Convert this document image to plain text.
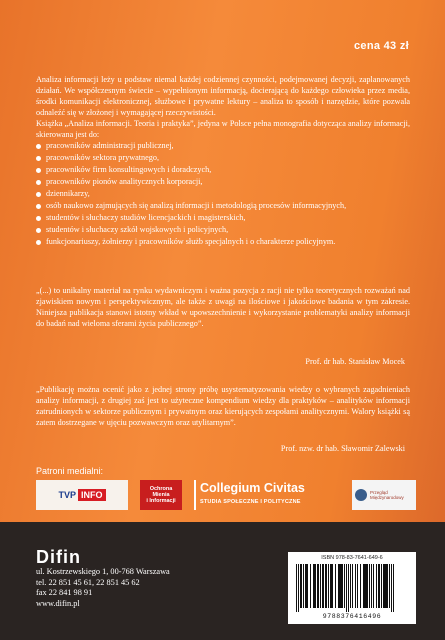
cena 43 zł

Analiza informacji leży u podstaw niemal każdej codziennej czynności, podejmowanej decyzji, zaplanowanych działań. We współczesnym świecie – wypełnionym informacją, docierającą do każdego człowieka przez media, środki komunikacji elektronicznej, służbowe i prywatne lektury – analiza to sposób i narzędzie, które pozwala odnaleźć się w złożonej i wymagającej rzeczywistości.

Książka „Analiza informacji. Teoria i praktyka”, jedyna w Polsce pełna monografia dotycząca analizy informacji, skierowana jest do:

pracowników administracji publicznej,
pracowników sektora prywatnego,
pracowników firm konsultingowych i doradczych,
pracowników pionów analitycznych korporacji,
dziennikarzy,
osób naukowo zajmujących się analizą informacji i metodologią procesów informacyjnych,
studentów i słuchaczy studiów licencjackich i magisterskich,
studentów i słuchaczy szkół wojskowych i policyjnych,
funkcjonariuszy, żołnierzy i pracowników służb specjalnych i o charakterze policyjnym.

„(...) to unikalny materiał na rynku wydawniczym i ważna pozycja z racji nie tylko teoretycznych rozważań nad zjawiskiem nowym i perspektywicznym, ale także z uwagi na ilościowe i jakościowe badania w tym zakresie. Niniejsza publikacja stanowi istotny wkład w upowszechnienie i wykorzystanie problematyki analizy informacji do badań nad wieloma sferami życia publicznego”.

Prof. dr hab. Stanisław Mocek

„Publikację można ocenić jako z jednej strony próbę usystematyzowania wiedzy o wybranych zagadnieniach analizy informacji, z drugiej zaś jest to użyteczne kompendium wiedzy dla praktyków – analityków informacji zatrudnionych w sektorze publicznym i prywatnym oraz kierujących zespołami analitycznymi. Walory książki są zatem dostrzegane w ujęciu pozwawczym oraz utylitarnym”.

Prof. nzw. dr hab. Sławomir Zalewski
Patroni medialni:
TVP INFO
Ochrona
Mienia
i Informacji
Collegium Civitas
STUDIA SPOŁECZNE I POLITYCZNE
Przegląd
Międzynarodowy
Difin
ul. Kostrzewskiego 1, 00-768 Warszawa
tel. 22 851 45 61, 22 851 45 62
fax 22 841 98 91
www.difin.pl
ISBN 978-83-7641-649-6
9788376416496
